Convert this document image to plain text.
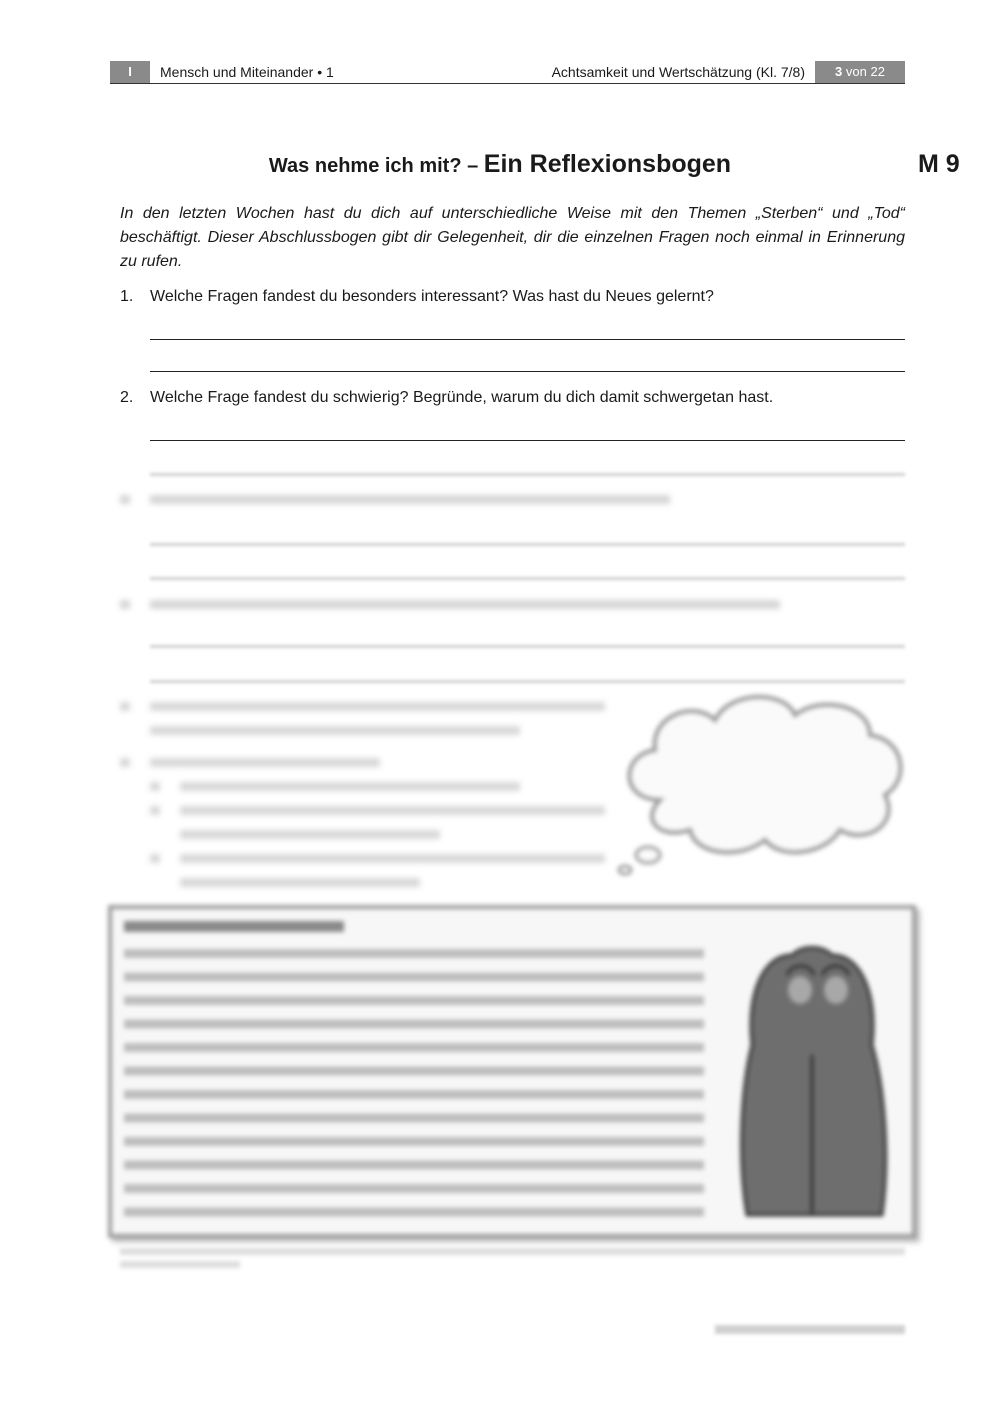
I	Mensch und Miteinander • 1	Achtsamkeit und Wertschätzung (Kl. 7/8)	3 von 22
Was nehme ich mit? – Ein Reflexionsbogen	M 9
In den letzten Wochen hast du dich auf unterschiedliche Weise mit den Themen „Sterben“ und „Tod“ beschäftigt. Dieser Abschlussbogen gibt dir Gelegenheit, dir die einzelnen Fragen noch einmal in Erinnerung zu rufen.
1. Welche Fragen fandest du besonders interessant? Was hast du Neues gelernt?
2. Welche Frage fandest du schwierig? Begründe, warum du dich damit schwergetan hast.
